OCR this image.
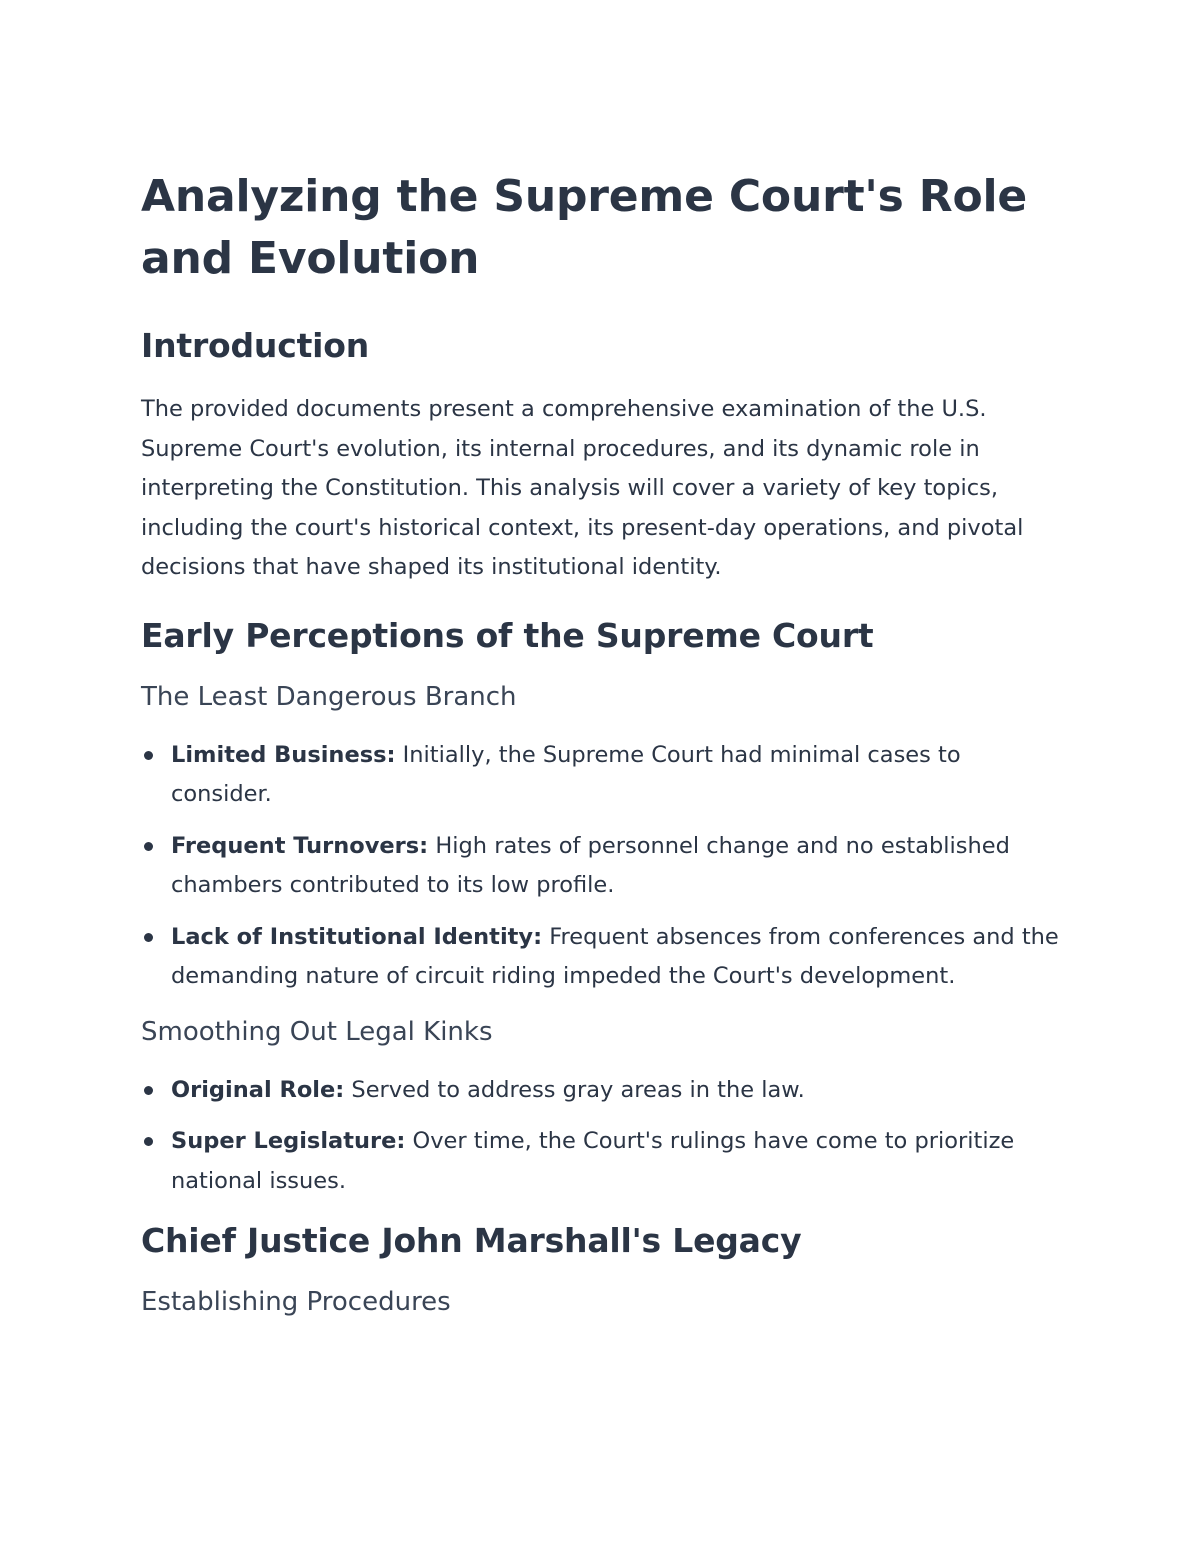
Analyzing the Supreme Court's Role and Evolution
Introduction

The provided documents present a comprehensive examination of the U.S. Supreme Court's evolution, its internal procedures, and its dynamic role in interpreting the Constitution. This analysis will cover a variety of key topics, including the court's historical context, its present-day operations, and pivotal decisions that have shaped its institutional identity.

Early Perceptions of the Supreme Court
The Least Dangerous Branch
Limited Business: Initially, the Supreme Court had minimal cases to consider.
Frequent Turnovers: High rates of personnel change and no established chambers contributed to its low profile.
Lack of Institutional Identity: Frequent absences from conferences and the demanding nature of circuit riding impeded the Court's development.
Smoothing Out Legal Kinks
Original Role: Served to address gray areas in the law.
Super Legislature: Over time, the Court's rulings have come to prioritize national issues.
Chief Justice John Marshall's Legacy
Establishing Procedures
